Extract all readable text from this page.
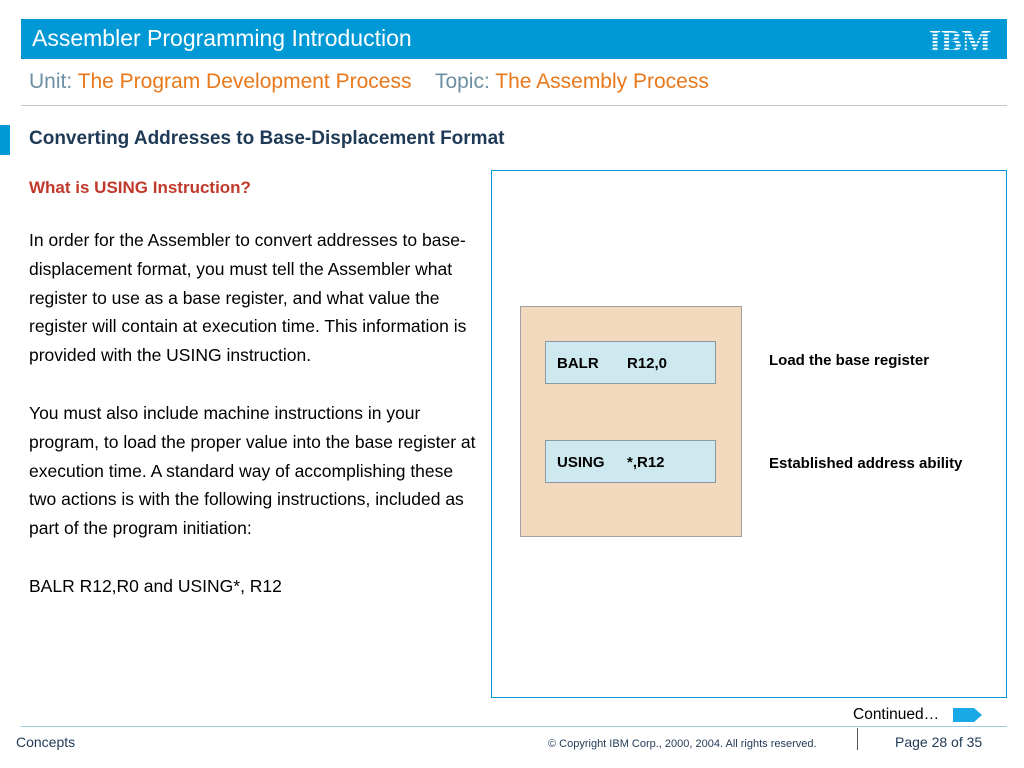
Assembler Programming Introduction	IBM
Unit: The Program Development Process Topic: The Assembly Process
Converting Addresses to Base-Displacement Format
What is USING Instruction?

In order for the Assembler to convert addresses to base-displacement format, you must tell the Assembler what register to use as a base register, and what value the register will contain at execution time. This information is provided with the USING instruction.

You must also include machine instructions in your program, to load the proper value into the base register at execution time. A standard way of accomplishing these two actions is with the following instructions, included as part of the program initiation:

BALR R12,R0 and USING*, R12

BALR R12,0
USING *,R12
Load the base register
Established address ability
Continued…
Concepts	© Copyright IBM Corp., 2000, 2004. All rights reserved.	Page 28 of 35
